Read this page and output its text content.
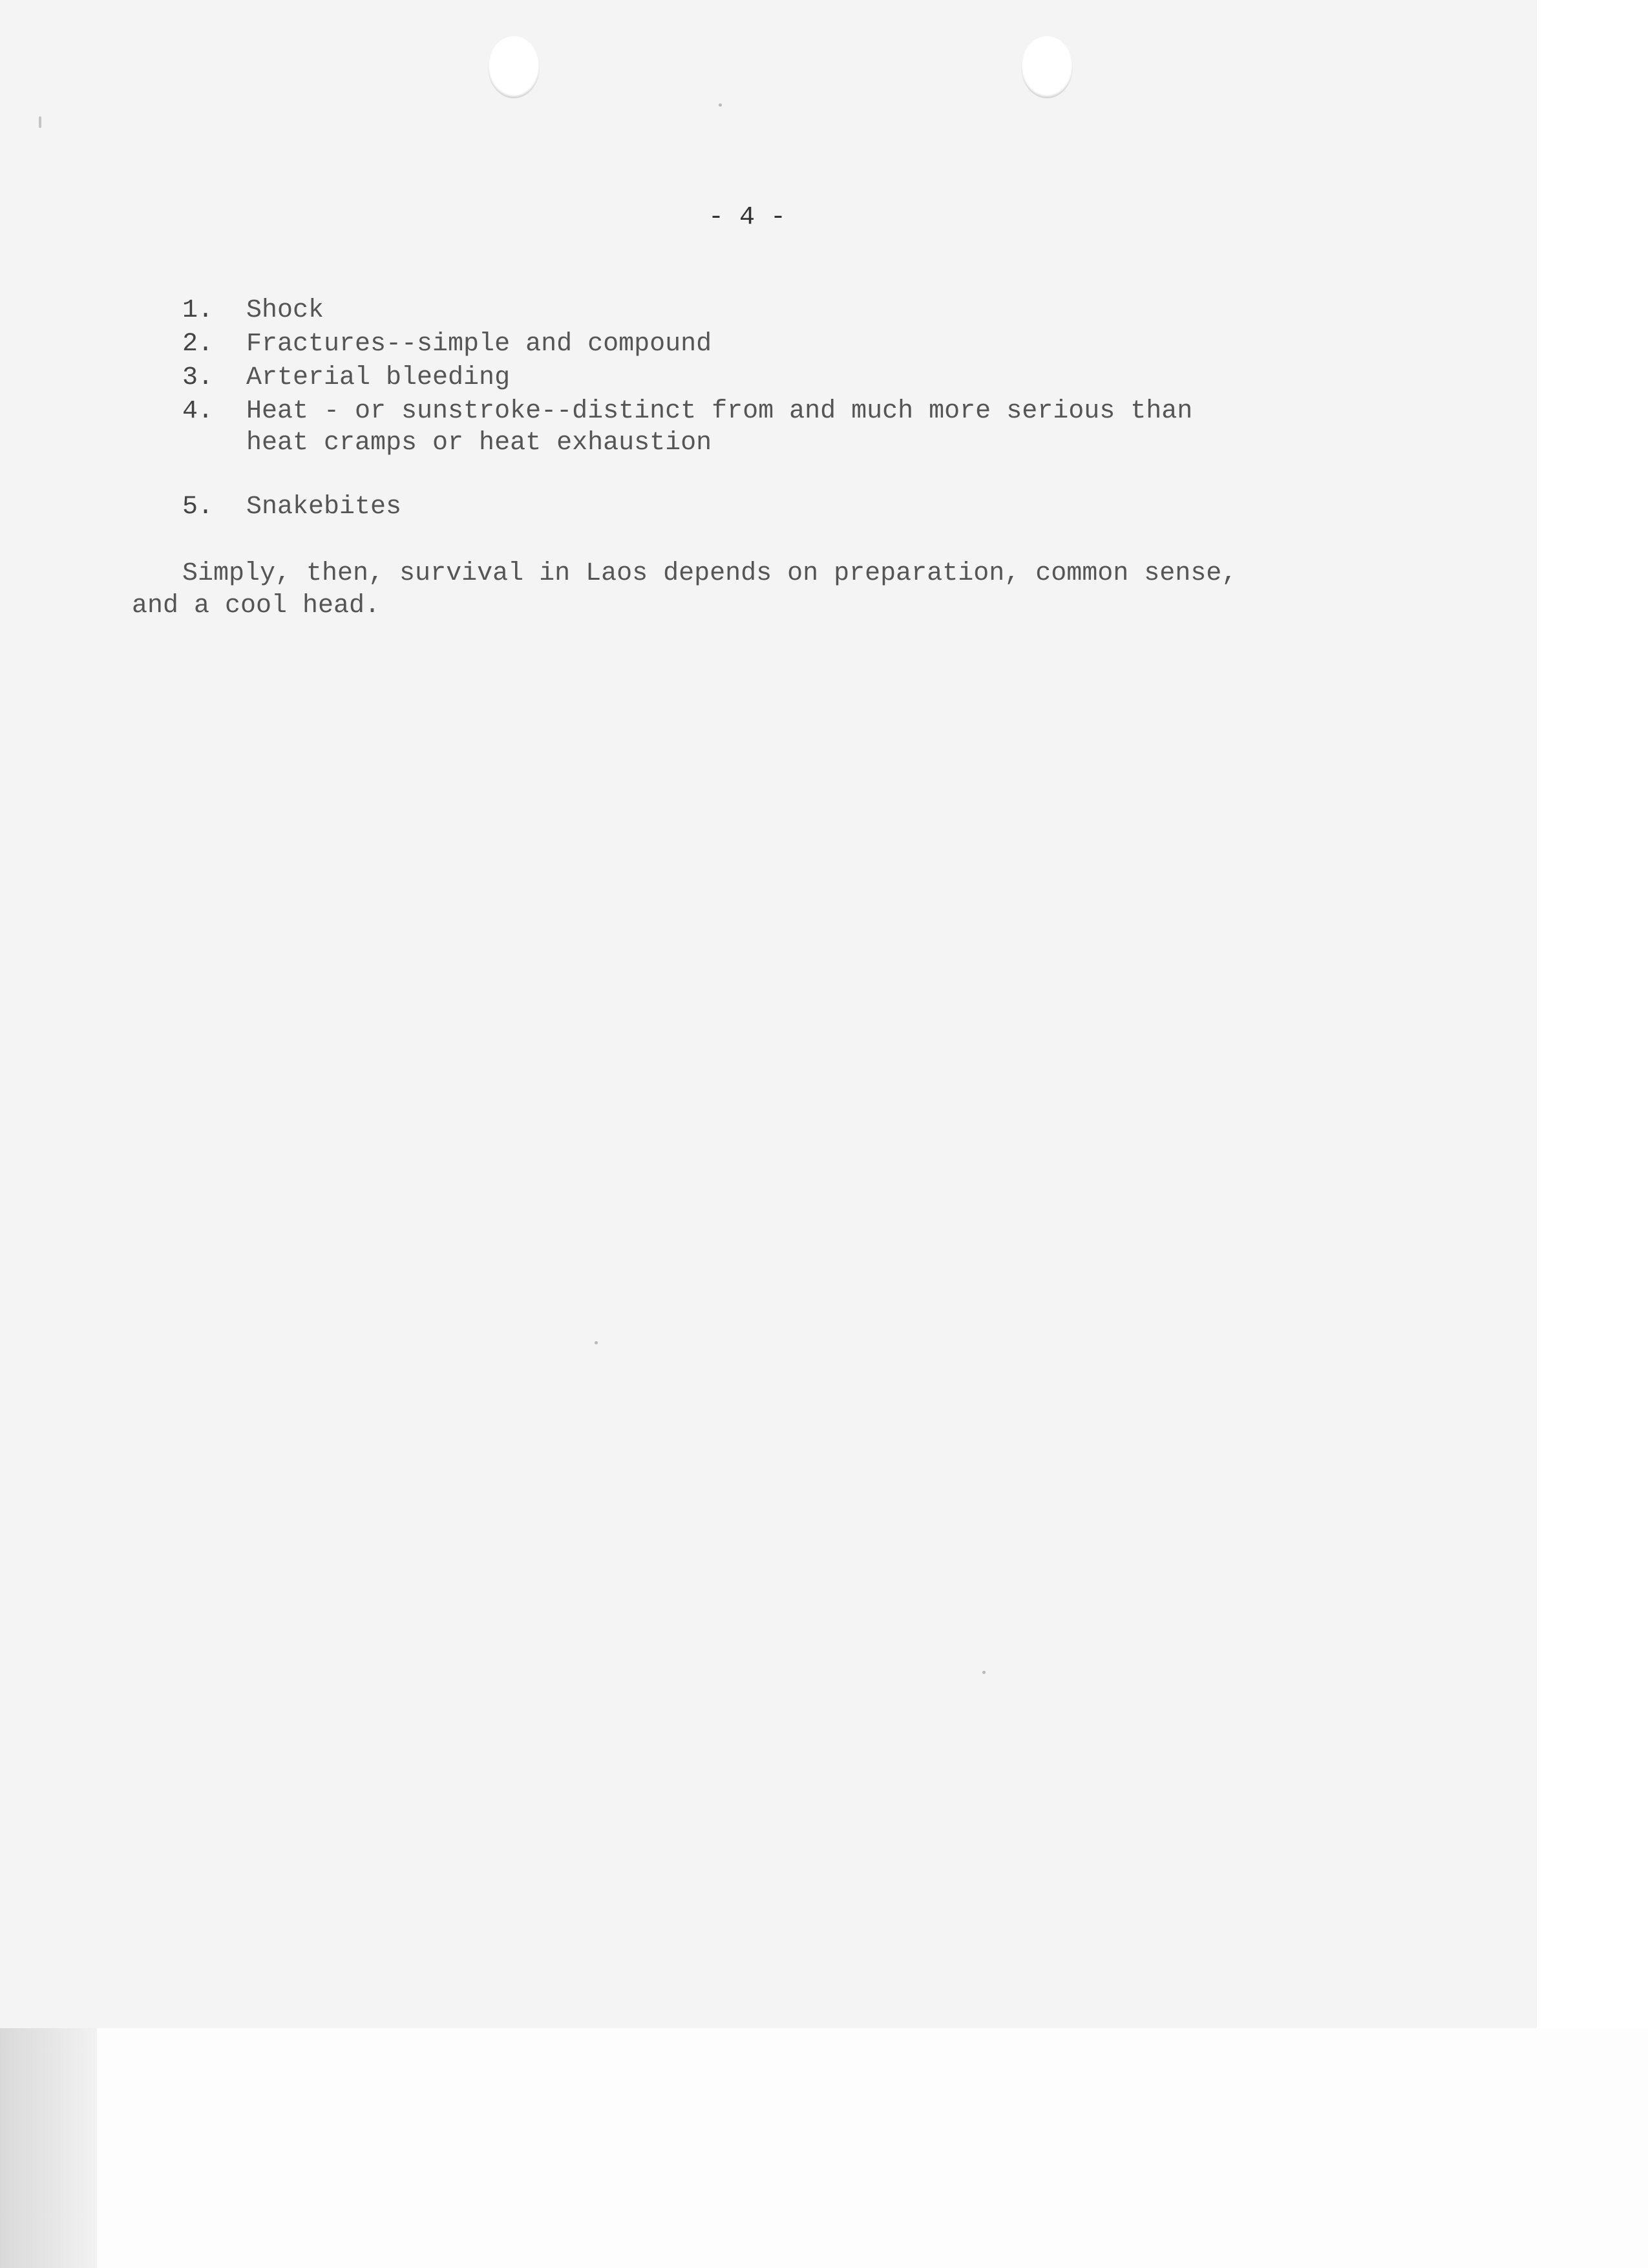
- 4 -
1. Shock
2. Fractures--simple and compound
3. Arterial bleeding
4. Heat - or sunstroke--distinct from and much more serious than
heat cramps or heat exhaustion
5. Snakebites
Simply, then, survival in Laos depends on preparation, common sense,
and a cool head.
